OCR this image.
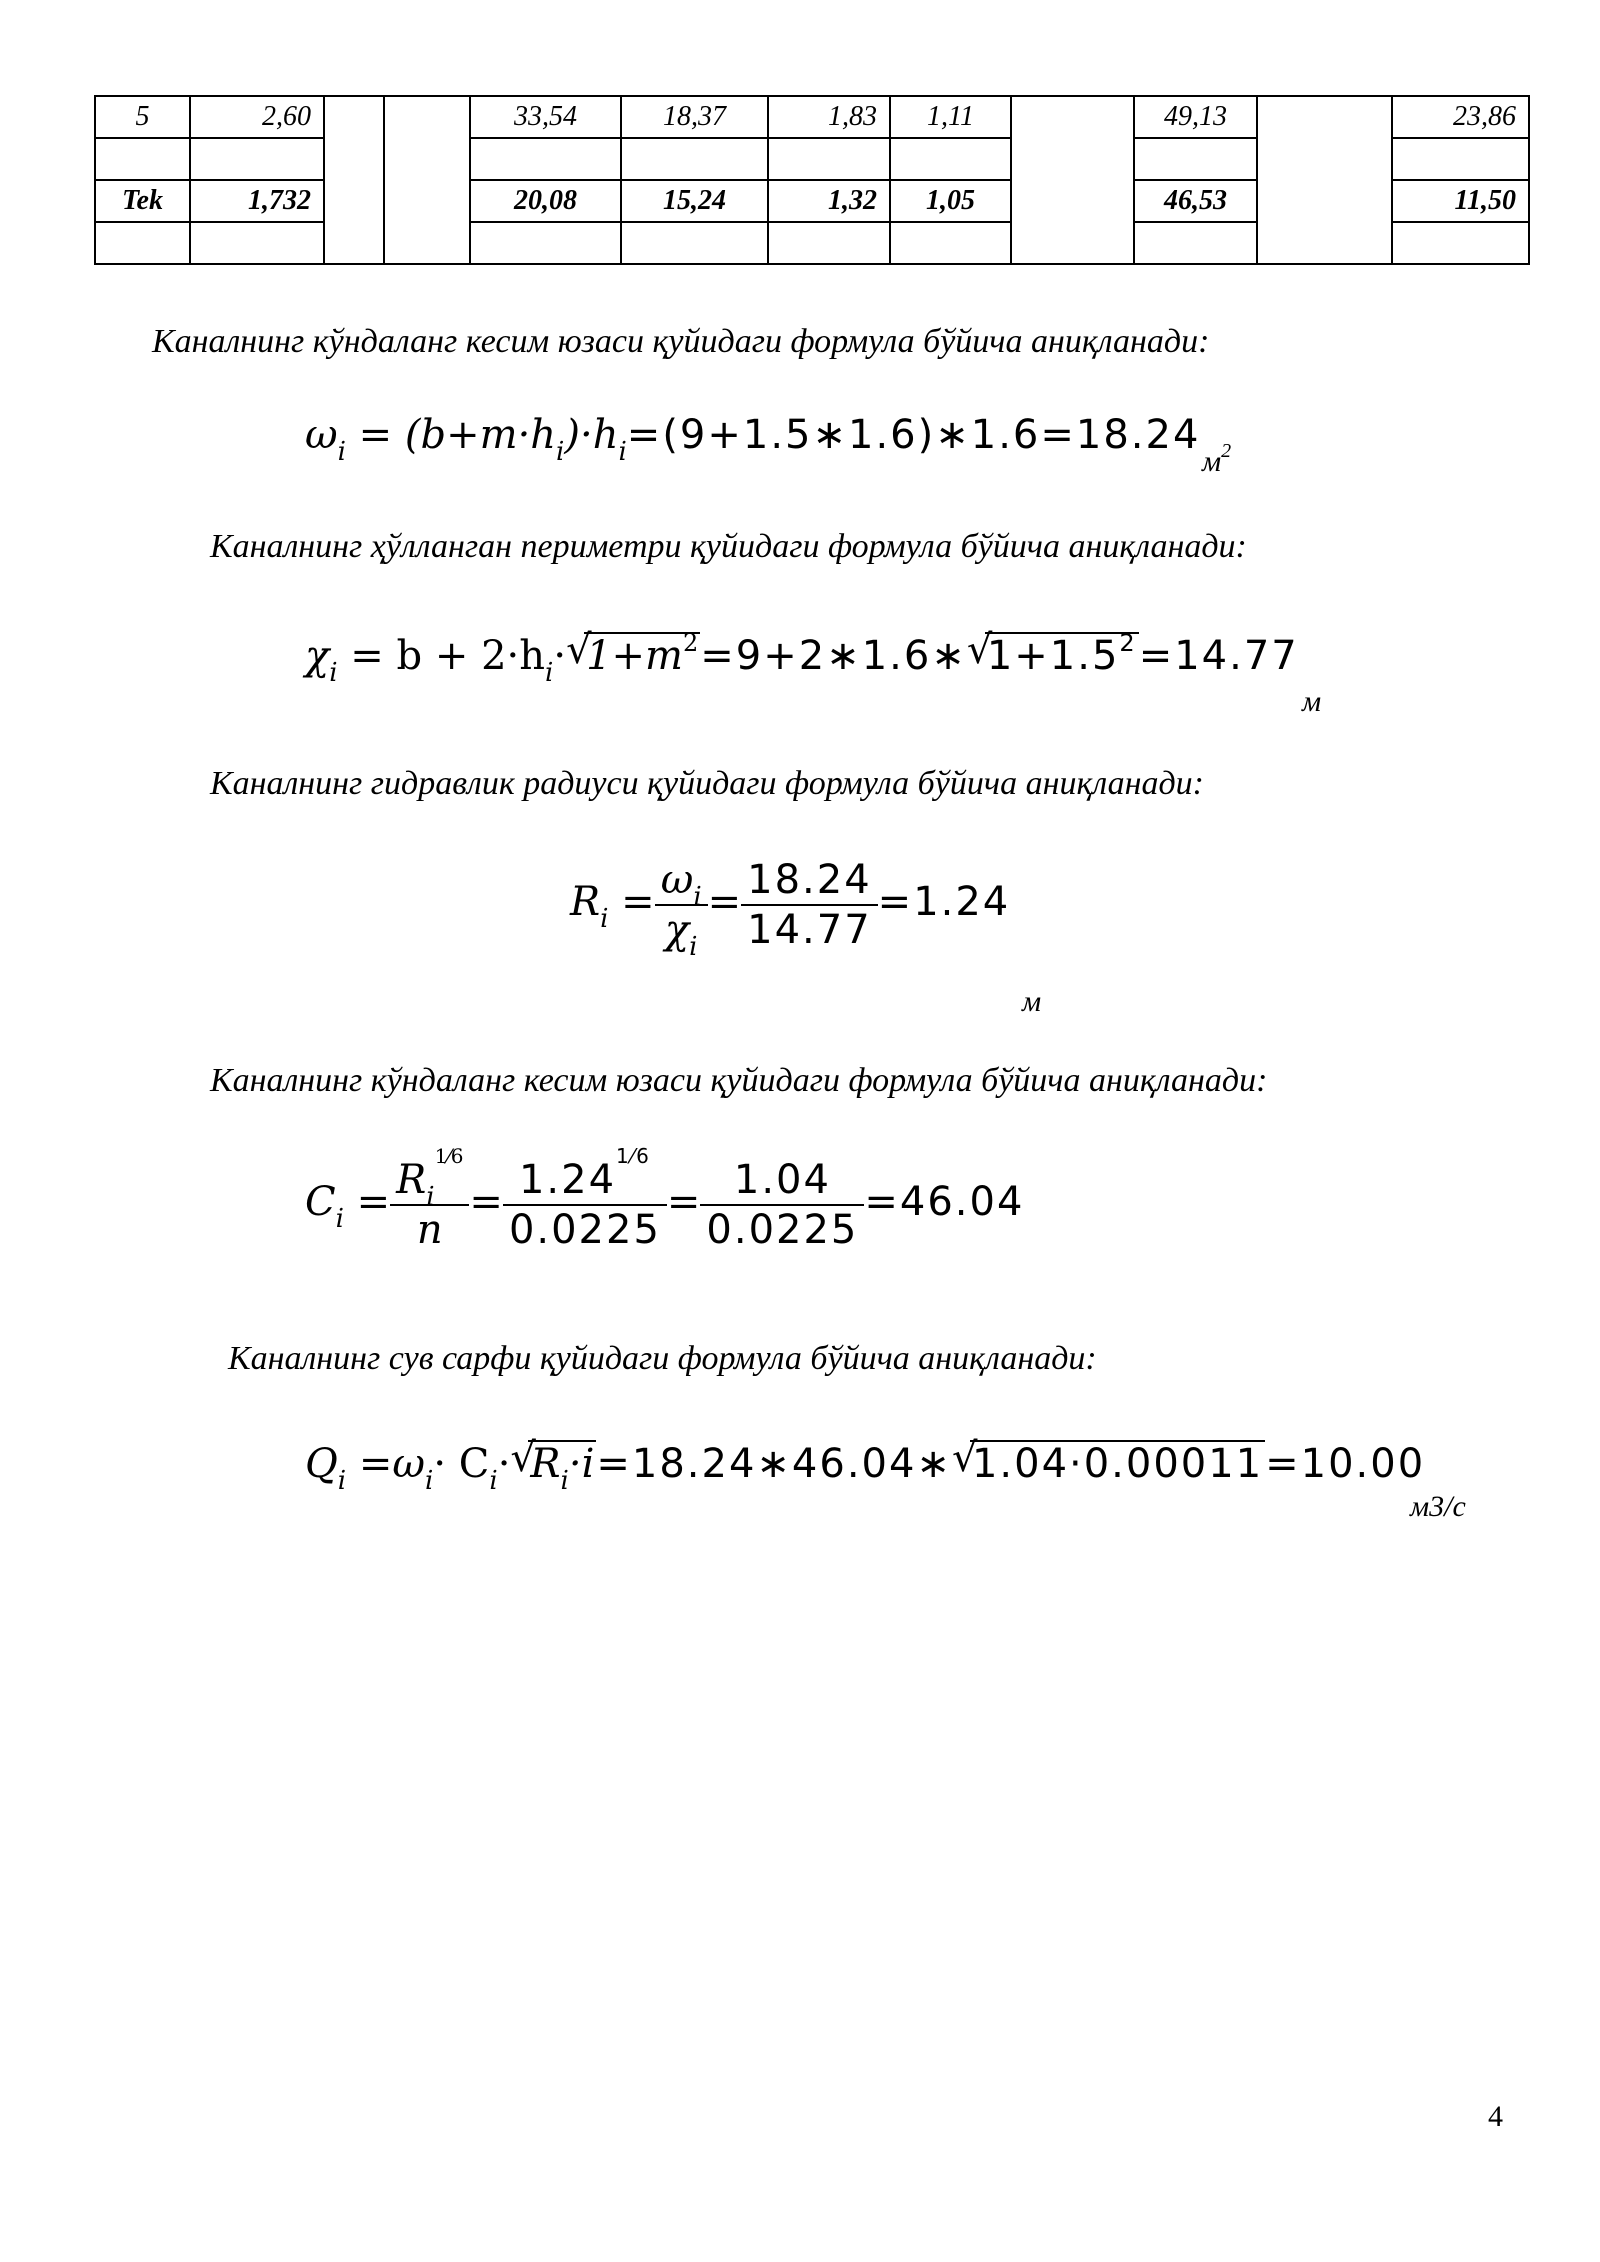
5	2,60			33,54	18,37	1,83	1,11		49,13		23,86

Tek	1,732			20,08	15,24	1,32	1,05		46,53		11,50

Каналнинг кўндаланг кесим юзаси қуйидаги формула бўйича аниқланади:
$\omega_i$ = $(b+m\cdot h_i)\cdot h_i=(9+1.5∗1.6)∗1.6=18.24$
$м^2$
Каналнинг ҳўлланган периметри қуйидаги формула бўйича аниқланади:
$\chi_i = b + 2\cdot h_i\cdot$ √ $1+m^2=9+2∗1.6∗$ √ $1+1.5^2=14.77$
м
Каналнинг гидравлик радиуси қуйидаги формула бўйича аниқланади:
$R_i = \frac{\omega_i}{\chi_i} = \frac{18.24}{14.77} =1.24$
м
Каналнинг кўндаланг кесим юзаси қуйидаги формула бўйича аниқланади:
$C_i = \frac{R_i^{1⁄6}}{n} = \frac{1.24^{1⁄6}}{0.0225} = \frac{1.04}{0.0225} =46.04$
Каналнинг сув сарфи қуйидаги формула бўйича аниқланади:
$Q_i =\omega_i\cdot C_i\cdot$ √ $R_i\cdot i=18.24∗46.04∗$ √ 1.04·0.00011=10.00
м3/с
4
